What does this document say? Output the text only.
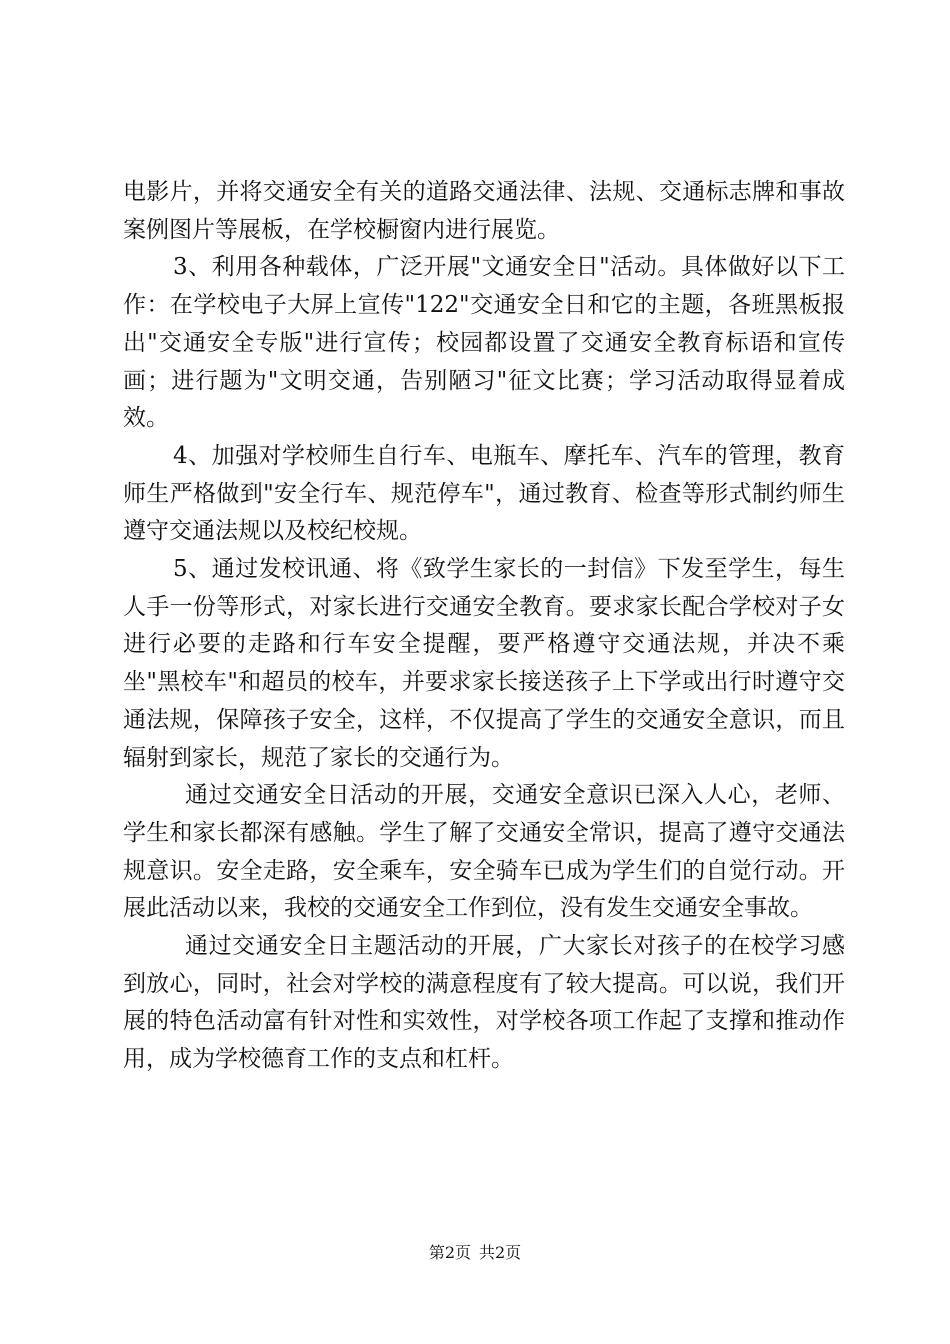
电影片，并将交通安全有关的道路交通法律、法规、交通标志牌和事故案例图片等展板，在学校橱窗内进行展览。

3、利用各种载体，广泛开展"文通安全日"活动。具体做好以下工作：在学校电子大屏上宣传"122"交通安全日和它的主题，各班黑板报出"交通安全专版"进行宣传；校园都设置了交通安全教育标语和宣传画；进行题为"文明交通，告别陋习"征文比赛；学习活动取得显着成效。

4、加强对学校师生自行车、电瓶车、摩托车、汽车的管理，教育师生严格做到"安全行车、规范停车"，通过教育、检查等形式制约师生遵守交通法规以及校纪校规。

5、通过发校讯通、将《致学生家长的一封信》下发至学生，每生人手一份等形式，对家长进行交通安全教育。要求家长配合学校对子女进行必要的走路和行车安全提醒，要严格遵守交通法规，并决不乘坐"黑校车"和超员的校车，并要求家长接送孩子上下学或出行时遵守交通法规，保障孩子安全，这样，不仅提高了学生的交通安全意识，而且辐射到家长，规范了家长的交通行为。

通过交通安全日活动的开展，交通安全意识已深入人心，老师、学生和家长都深有感触。学生了解了交通安全常识，提高了遵守交通法规意识。安全走路，安全乘车，安全骑车已成为学生们的自觉行动。开展此活动以来，我校的交通安全工作到位，没有发生交通安全事故。

通过交通安全日主题活动的开展，广大家长对孩子的在校学习感到放心，同时，社会对学校的满意程度有了较大提高。可以说，我们开展的特色活动富有针对性和实效性，对学校各项工作起了支撑和推动作用，成为学校德育工作的支点和杠杆。

第2页 共2页
